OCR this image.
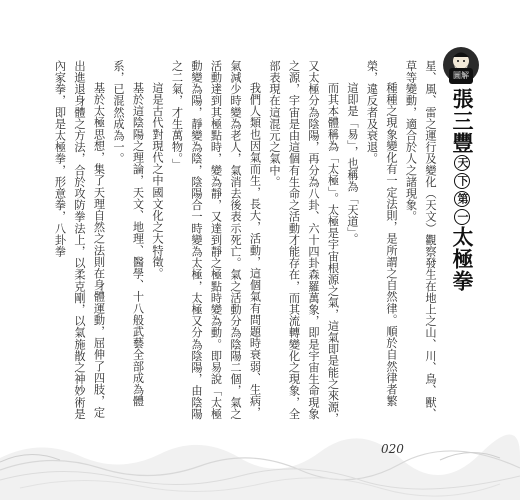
圖解
張三豐天下第一太極拳

星、風、雷之運行及變化（天文）觀察發生在地上之山、川、鳥、獸、草等變動，適合於人之諸現象。

種種之現象變化有一定法則，是所謂之自然律。順於自然律者繁榮，違反者及衰退。

這即是「易」，也稱為「天道」。

而其本體稱為「太極」。太極是宇宙根源之氣，這氣即是能之來源，又太極分為陰陽，再分為八卦、六十四卦森羅萬象，即是宇宙生命現象之源，宇宙是由這個有生命之活動才能存在，而其流轉變化之現象，全部表現在這混元之氣中。

我們人類也因氣而生，長大，活動，這個氣有問題時衰弱、生病，氣減少時變為老人，氣消去後表示死亡。氣之活動分為陰陽二個，氣之活動達到其極點時，變為靜，又達到靜之極點時變為動。即易說「太極動變為陽，靜變為陰，陰陽合一時變為太極，太極又分為陰陽，由陰陽之二氣，才生萬物。」

這是古代對現代之中國文化之大特徵。

基於這陰陽之理論，天文、地理、醫學、十八般武藝全部成為體系，已混然成為一。

基於太極思想，集了天理自然之法則在身體運動，屈伸了四肢，定出進退身體之方法，合於攻防拳法上，以柔克剛，以氣施散之神妙術是內家拳，即是太極拳，形意拳，八卦拳

020
